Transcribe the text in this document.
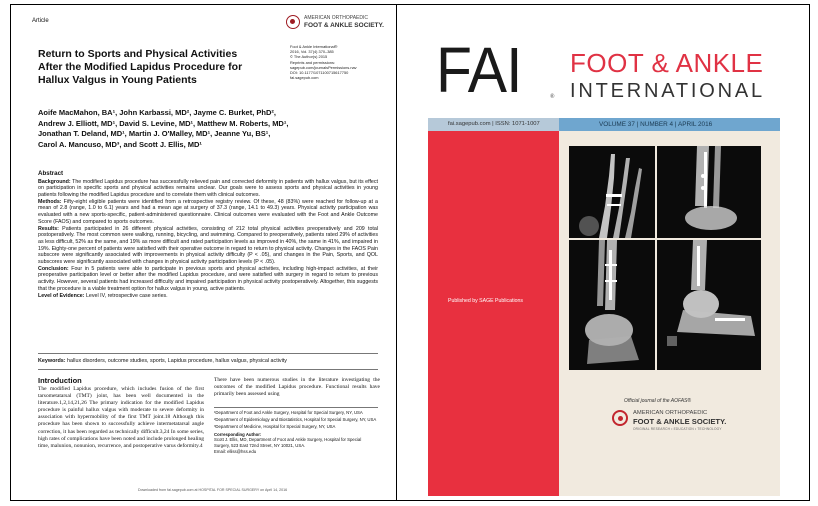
Article	AMERICAN ORTHOPAEDIC
FOOT & ANKLE SOCIETY.
Return to Sports and Physical Activities
After the Modified Lapidus Procedure for
Hallux Valgus in Young Patients
Foot & Ankle International®
2016, Vol. 37(4) 370–385
© The Author(s) 2015
Reprints and permissions:
sagepub.com/journalsPermissions.nav
DOI: 10.1177/1071100715617750
fai.sagepub.com
Aoife MacMahon, BA¹, John Karbassi, MD², Jayme C. Burket, PhD²,
Andrew J. Elliott, MD¹, David S. Levine, MD¹, Matthew M. Roberts, MD¹,
Jonathan T. Deland, MD¹, Martin J. O'Malley, MD¹, Jeanne Yu, BS¹,
Carol A. Mancuso, MD³, and Scott J. Ellis, MD¹
Abstract

Background: The modified Lapidus procedure has successfully relieved pain and corrected deformity in patients with hallux valgus, but its effect on participation in specific sports and physical activities remains unclear. Our goals were to assess sports and physical activities in young patients following the modified Lapidus procedure and to correlate them with clinical outcomes.

Methods: Fifty-eight eligible patients were identified from a retrospective registry review. Of these, 48 (83%) were reached for follow-up at a mean of 2.8 (range, 1.0 to 6.1) years and had a mean age at surgery of 37.3 (range, 14.1 to 49.3) years. Physical activity participation was evaluated with a new sports-specific, patient-administered questionnaire. Clinical outcomes were evaluated with the Foot and Ankle Outcome Score (FAOS) and compared to sports outcomes.

Results: Patients participated in 26 different physical activities, consisting of 212 total physical activities preoperatively and 209 total postoperatively. The most common were walking, running, bicycling, and swimming. Compared to preoperatively, patients rated 29% of activities as less difficult, 52% as the same, and 19% as more difficult and rated participation levels as improved in 40%, the same in 41%, and impaired in 19%. Eighty-one percent of patients were satisfied with their operative outcome in regard to return to physical activity. Changes in the FAOS Pain subscore were significantly associated with improvements in physical activity difficulty (P < .05), and changes in the Pain, Sports, and QOL subscores were significantly associated with changes in physical activity participation levels (P < .05).

Conclusion: Four in 5 patients were able to participate in previous sports and physical activities, including high-impact activities, at their preoperative participation level or better after the modified Lapidus procedure, and were satisfied with surgery in regard to return to previous activity. However, several patients had increased difficulty and impaired participation in physical activity postoperatively. Altogether, this suggests that the procedure is a viable treatment option for hallux valgus in young, active patients.

Level of Evidence: Level IV, retrospective case series.

Keywords: hallux disorders, outcome studies, sports, Lapidus procedure, hallux valgus, physical activity
Introduction
The modified Lapidus procedure, which includes fusion of the first tarsometatarsal (TMT) joint, has been well documented in the literature.1,2,14,21,26 The primary indication for the modified Lapidus procedure is painful hallux valgus with moderate to severe deformity in association with hypermobility of the first TMT joint.18 Although this procedure has been shown to successfully achieve intermetatarsal angle correction, it has been regarded as technically difficult.3,24 In some series, high rates of complications have been noted and include prolonged healing time, malunion, nonunion, recurrence, and postoperative varus deformity.4
There have been numerous studies in the literature investigating the outcomes of the modified Lapidus procedure. Functional results have primarily been assessed using
¹Department of Foot and Ankle Surgery, Hospital for Special Surgery, NY, USA
²Department of Epidemiology and Biostatistics, Hospital for Special Surgery, NY, USA
³Department of Medicine, Hospital for Special Surgery, NY, USA
Corresponding Author:
Scott J. Ellis, MD, Department of Foot and Ankle Surgery, Hospital for Special Surgery, 523 East 72nd Street, NY 10021, USA.
Email: elliss@hss.edu
Downloaded from fai.sagepub.com at HOSPITAL FOR SPECIAL SURGERY on April 14, 2016
FAI	®
FOOT & ANKLE
INTERNATIONAL
fai.sagepub.com | ISSN: 1071-1007	VOLUME 37 | NUMBER 4 | APRIL 2016
Published by SAGE Publications
Official journal of the AOFAS®
AMERICAN ORTHOPAEDIC
FOOT & ANKLE SOCIETY.
ORIGINAL RESEARCH • EDUCATION • TECHNOLOGY
